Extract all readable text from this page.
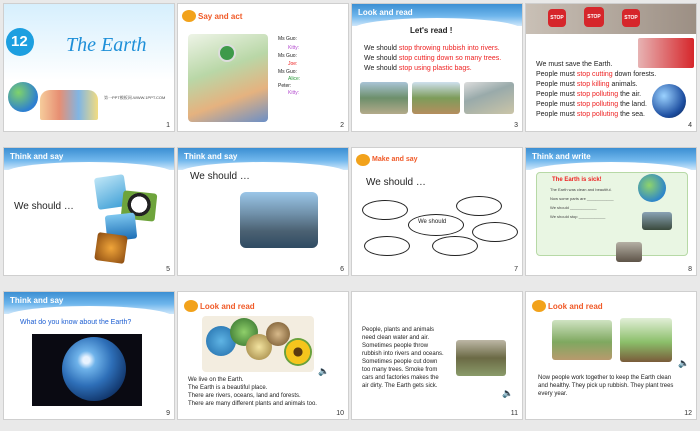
12 The Earth
第一PPT模板网-WWW.1PPT.COM
1
Say and act
Ms Guo:
Kitty:
Ms Guo:
Joe:
Ms Guo:
Alice:
Peter:
Kitty:
2
Look and read
Let's read !
We should stop throwing rubbish into rivers.
We should stop cutting down so many trees.
We should stop using plastic bags.
3
STOP	STOP	STOP
We must save the Earth.
People must stop cutting down forests.
People must stop killing animals.
People must stop polluting the air.
People must stop polluting the land.
People must stop polluting the sea.
4
Think and say
We should …
5
Think and say
We should …
6
Make and say
We should …
We should
7
Think and write
The Earth is sick!
The Earth was clean and beautiful.
Now some parts are ____________
We should ____________
We should stop ____________
8
Think and say
What do you know about the Earth?
9
Look and read
We live on the Earth.
The Earth is a beautiful place.
There are rivers, oceans, land and forests.
There are many different plants and animals too.
🔈
10
People, plants and animals
need clean water and air.
Sometimes people throw
rubbish into rivers and oceans.
Sometimes people cut down
too many trees. Smoke from
cars and factories makes the
air dirty. The Earth gets sick.
🔈
11
Look and read
Now people work together to keep the Earth clean
and healthy. They pick up rubbish. They plant trees
every year.
🔈
12
